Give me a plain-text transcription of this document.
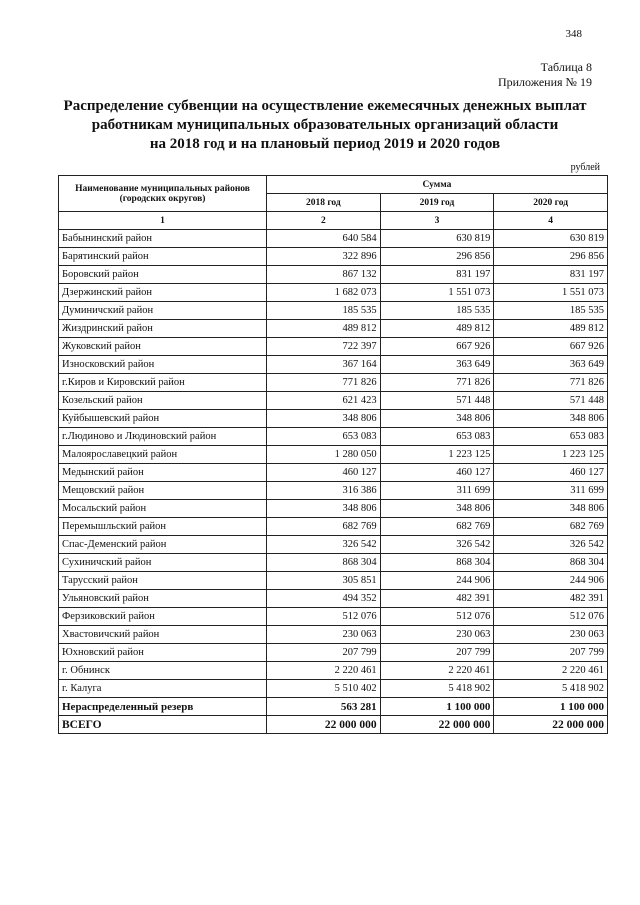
348
Таблица 8
Приложения № 19
Распределение субвенции на осуществление ежемесячных денежных выплат
работникам муниципальных образовательных организаций области
на 2018 год и на плановый период 2019 и 2020 годов
рублей
Наименование муниципальных районов (городских округов)	Сумма		
	2018 год	2019 год	2020 год
1	2	3	4
Бабынинский район	640 584	630 819	630 819
Барятинский район	322 896	296 856	296 856
Боровский район	867 132	831 197	831 197
Дзержинский район	1 682 073	1 551 073	1 551 073
Думиничский район	185 535	185 535	185 535
Жиздринский район	489 812	489 812	489 812
Жуковский район	722 397	667 926	667 926
Износковский район	367 164	363 649	363 649
г.Киров и Кировский район	771 826	771 826	771 826
Козельский район	621 423	571 448	571 448
Куйбышевский район	348 806	348 806	348 806
г.Людиново и Людиновский район	653 083	653 083	653 083
Малоярославецкий район	1 280 050	1 223 125	1 223 125
Медынский район	460 127	460 127	460 127
Мещовский район	316 386	311 699	311 699
Мосальский район	348 806	348 806	348 806
Перемышльский район	682 769	682 769	682 769
Спас-Деменский район	326 542	326 542	326 542
Сухиничский район	868 304	868 304	868 304
Тарусский район	305 851	244 906	244 906
Ульяновский район	494 352	482 391	482 391
Ферзиковский район	512 076	512 076	512 076
Хвастовичский район	230 063	230 063	230 063
Юхновский район	207 799	207 799	207 799
г. Обнинск	2 220 461	2 220 461	2 220 461
г. Калуга	5 510 402	5 418 902	5 418 902
Нераспределенный резерв	563 281	1 100 000	1 100 000
ВСЕГО	22 000 000	22 000 000	22 000 000
